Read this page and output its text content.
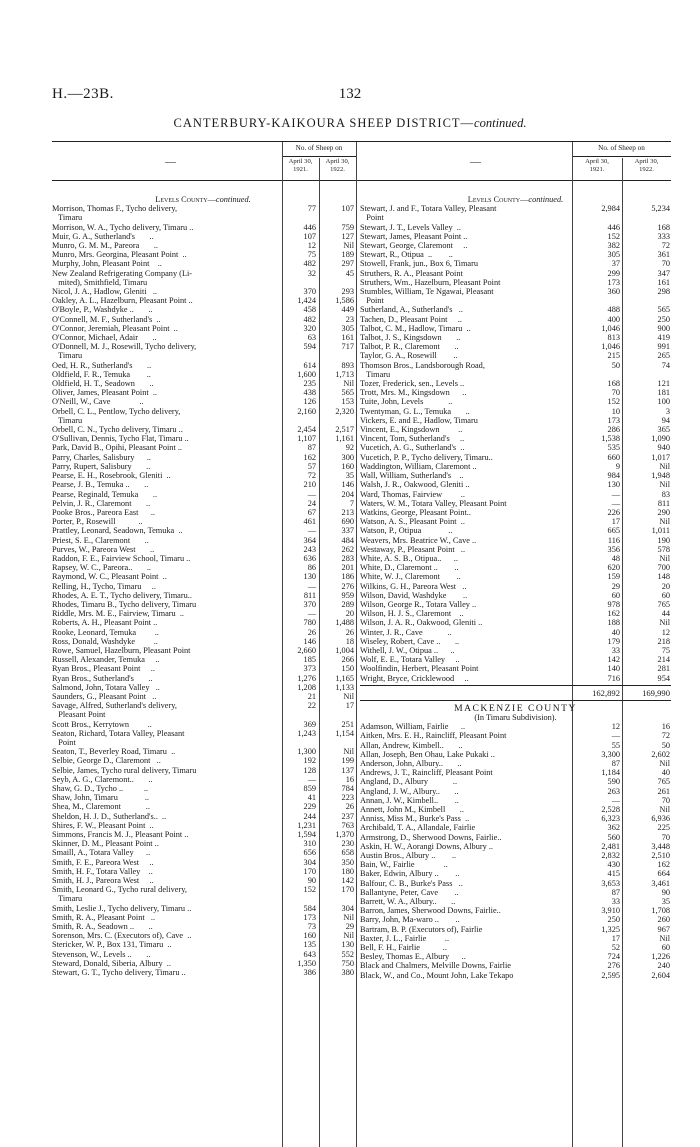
H.—23B.	132
CANTERBURY-KAIKOURA SHEEP DISTRICT—continued.
—
No. of Sheep on
April 30,
1921.
April 30,
1922.
—
No. of Sheep on
April 30,
1921.
April 30,
1922.
Levels County—continued.
Morrison, Thomas F., Tycho delivery,	77	107
Timaru
Morrison, W. A., Tycho delivery, Timaru ..	446	759
Muir, G. A., Sutherland's       ..	107	127
Munro, G. M. M., Pareora       ..	12	Nil
Munro, Mrs. Georgina, Pleasant Point  ..	75	189
Murphy, John, Pleasant Point    ..	482	297
New Zealand Refrigerating Company (Li-	32	45
mited), Smithfield, Timaru
Nicol, J. A., Hadlow, Gleniti   ..	370	293
Oakley, A. L., Hazelburn, Pleasant Point ..	1,424	1,586
O'Boyle, P., Washdyke ..       ..	458	449
O'Connell, M. F., Sutherland's  ..	482	23
O'Connor, Jeremiah, Pleasant Point  ..	320	305
O'Connor, Michael, Adair       ..	63	161
O'Donnell, M. J., Rosewill, Tycho delivery,	594	717
Timaru
Oed, H. R., Sutherland's       ..	614	893
Oldfield, F. R., Temuka        ..	1,600	1,713
Oldfield, H. T., Seadown       ..	235	Nil
Oliver, James, Pleasant Point  ..	438	565
O'Neill, W., Cave              ..	126	153
Orbell, C. L., Pentlow, Tycho delivery,	2,160	2,320
Timaru
Orbell, C. N., Tycho delivery, Timaru ..	2,454	2,517
O'Sullivan, Dennis, Tycho Flat, Timaru ..	1,107	1,161
Park, David B., Opihi, Pleasant Point ..	87	92
Parry, Charles, Salisbury      ..	162	300
Parry, Rupert, Salisbury       ..	57	160
Pearse, E. H., Rosebrook, Gleniti  ..	72	35
Pearse, J. B., Temuka ..       ..	210	146
Pearse, Reginald, Temuka       ..	—	204
Pelvin, J. R., Claremont       ..	24	7
Pooke Bros., Pareora East      ..	67	213
Porter, P., Rosewill           ..	461	690
Prattley, Leonard, Seadown, Temuka  ..	—	337
Priest, S. E., Claremont       ..	364	484
Purves, W., Pareora West       ..	243	262
Raddon, F. E., Fairview School, Timaru ..	636	283
Rapsey, W. C., Pareora..       ..	86	201
Raymond, W. C., Pleasant Point  ..	130	186
Relling, H., Tycho, Timaru     ..	—	276
Rhodes, A. E. T., Tycho delivery, Timaru..	811	959
Rhodes, Timaru B., Tycho delivery, Timaru	370	289
Riddle, Mrs. M. E., Fairview, Timaru  ..	—	20
Roberts, A. H., Pleasant Point ..	780	1,488
Rooke, Leonard, Temuka         ..	26	26
Ross, Donald, Washdyke         ..	146	18
Rowe, Samuel, Hazelburn, Pleasant Point	2,660	1,004
Russell, Alexander, Temuka     ..	185	266
Ryan Bros., Pleasant Point     ..	373	150
Ryan Bros., Sutherland's       ..	1,276	1,165
Salmond, John, Totara Valley   ..	1,208	1,133
Saunders, G., Pleasant Point   ..	21	Nil
Savage, Alfred, Sutherland's delivery,	22	17
Pleasant Point
Scott Bros., Kerrytown         ..	369	251
Seaton, Richard, Totara Valley, Pleasant	1,243	1,154
Point
Seaton, T., Beverley Road, Timaru  ..	1,300	Nil
Selbie, George D., Claremont   ..	192	199
Selbie, James, Tycho rural delivery, Timaru	128	137
Seyb, A. G., Claremont..       ..	—	16
Shaw, G. D., Tycho ..          ..	859	784
Shaw, John, Timaru             ..	41	223
Shea, M., Claremont            ..	229	26
Sheldon, H. J. D., Sutherland's..  ..	244	237
Shires, F. W., Pleasant Point  ..	1,231	763
Simmons, Francis M. J., Pleasant Point ..	1,594	1,370
Skinner, D. M., Pleasant Point ..	310	230
Smaill, A., Totara Valley      ..	656	658
Smith, F. E., Pareora West     ..	304	350
Smith, H. F., Totara Valley    ..	170	180
Smith, H. J., Pareora West     ..	90	142
Smith, Leonard G., Tycho rural delivery,	152	170
Timaru
Smith, Leslie J., Tycho delivery, Timaru ..	584	304
Smith, R. A., Pleasant Point   ..	173	Nil
Smith, R. A., Seadown ..       ..	73	29
Sorenson, Mrs. C. (Executors of), Cave  ..	160	Nil
Stericker, W. P., Box 131, Timaru  ..	135	130
Stevenson, W., Levels ..       ..	643	552
Steward, Donald, Siberia, Albury  ..	1,350	750
Stewart, G. T., Tycho delivery, Timaru ..	386	380
Levels County—continued.
Stewart, J. and F., Totara Valley, Pleasant	2,984	5,234
Point
Stewart, J. T., Levels Valley  ..	446	168
Stewart, James, Pleasant Point ..	152	333
Stewart, George, Claremont     ..	382	72
Stewart, R., Otipua  ..        ..	305	361
Stowell, Frank, jun., Box 6, Timaru	37	70
Struthers, R. A., Pleasant Point	299	347
Struthers, Wm., Hazelburn, Pleasant Point	173	161
Stumbles, William, Te Ngawai, Pleasant	360	298
Point
Sutherland, A., Sutherland's   ..	488	565
Tachen, D., Pleasant Point     ..	400	250
Talbot, C. M., Hadlow, Timaru  ..	1,046	900
Talbot, J. S., Kingsdown       ..	813	419
Talbot, P. R., Claremont       ..	1,046	991
Taylor, G. A., Rosewill        ..	215	265
Thomson Bros., Landsborough Road,	50	74
Timaru
Tozer, Frederick, sen., Levels ..	168	121
Trott, Mrs. M., Kingsdown      ..	70	181
Tuite, John, Levels            ..	152	100
Twentyman, G. L., Temuka       ..	10	3
Vickers, E. and E., Hadlow, Timaru	173	94
Vincent, E., Kingsdown         ..	286	365
Vincent, Tom, Sutherland's     ..	1,538	1,090
Vucetich, A. G., Sutherland's  ..	535	940
Vucetich, P. P., Tycho delivery, Timaru..	660	1,017
Waddington, William, Claremont ..	9	Nil
Wall, William, Sutherland's    ..	984	1,948
Walsh, J. R., Oakwood, Gleniti ..	130	Nil
Ward, Thomas, Fairview         ..	—	83
Waters, W. M., Totara Valley, Pleasant Point	—	811
Watkins, George, Pleasant Point..	226	290
Watson, A. S., Pleasant Point  ..	17	Nil
Watson, P., Otipua             ..	665	1,011
Weavers, Mrs. Beatrice W., Cave ..	116	190
Westaway, P., Pleasant Point   ..	356	578
White, A. S. B., Otipua..      ..	48	Nil
White, D., Claremont ..        ..	620	700
White, W. J., Claremont        ..	159	148
Wilkins, G. H., Pareora West   ..	29	20
Wilson, David, Washdyke        ..	60	60
Wilson, George R., Totara Valley ..	978	765
Wilson, H. J. S., Claremont    ..	162	44
Wilson, J. A. R., Oakwood, Gleniti ..	188	Nil
Winter, J. R., Cave            ..	40	12
Wiseley, Robert, Cave ..       ..	179	218
Withell, J. W., Otipua ..      ..	33	75
Wolf, E. E., Totara Valley     ..	142	214
Woolfindin, Herbert, Pleasant Point	140	281
Wright, Bryce, Cricklewood     ..	716	954
162,892	169,990
MACKENZIE COUNTY
(In Timaru Subdivision).
Adamson, William, Fairlie      ..	12	16
Aitken, Mrs. E. H., Raincliff, Pleasant Point	—	72
Allan, Andrew, Kimbell..       ..	55	50
Allan, Joseph, Ben Ohau, Lake Pukaki ..	3,300	2,602
Anderson, John, Albury..       ..	87	Nil
Andrews, J. T., Raincliff, Pleasant Point	1,184	40
Angland, D., Albury            ..	590	765
Angland, J. W., Albury..       ..	263	261
Annan, J. W., Kimbell..        ..	—	70
Annett, John M., Kimbell       ..	2,528	Nil
Anniss, Miss M., Burke's Pass  ..	6,323	6,936
Archibald, T. A., Allandale, Fairlie	362	225
Armstrong, D., Sherwood Downs, Fairlie..	560	70
Askin, H. W., Aorangi Downs, Albury ..	2,481	3,448
Austin Bros., Albury ..        ..	2,832	2,510
Bain, W., Fairlie              ..	430	162
Baker, Edwin, Albury ..        ..	415	664
Balfour, C. B., Burke's Pass   ..	3,653	3,461
Ballantyne, Peter, Cave        ..	87	90
Barrett, W. A., Albury..       ..	33	35
Barron, James, Sherwood Downs, Fairlie..	3,910	1,708
Barry, John, Ma-waro ..        ..	250	260
Bartram, B. P. (Executors of), Fairlie	1,325	967
Baxter, J. L., Fairlie         ..	17	Nil
Bell, F. H., Fairlie           ..	52	60
Besley, Thomas E., Albury      ..	724	1,226
Black and Chalmers, Melville Downs, Fairlie	276	240
Black, W., and Co., Mount John, Lake Tekapo	2,595	2,604
